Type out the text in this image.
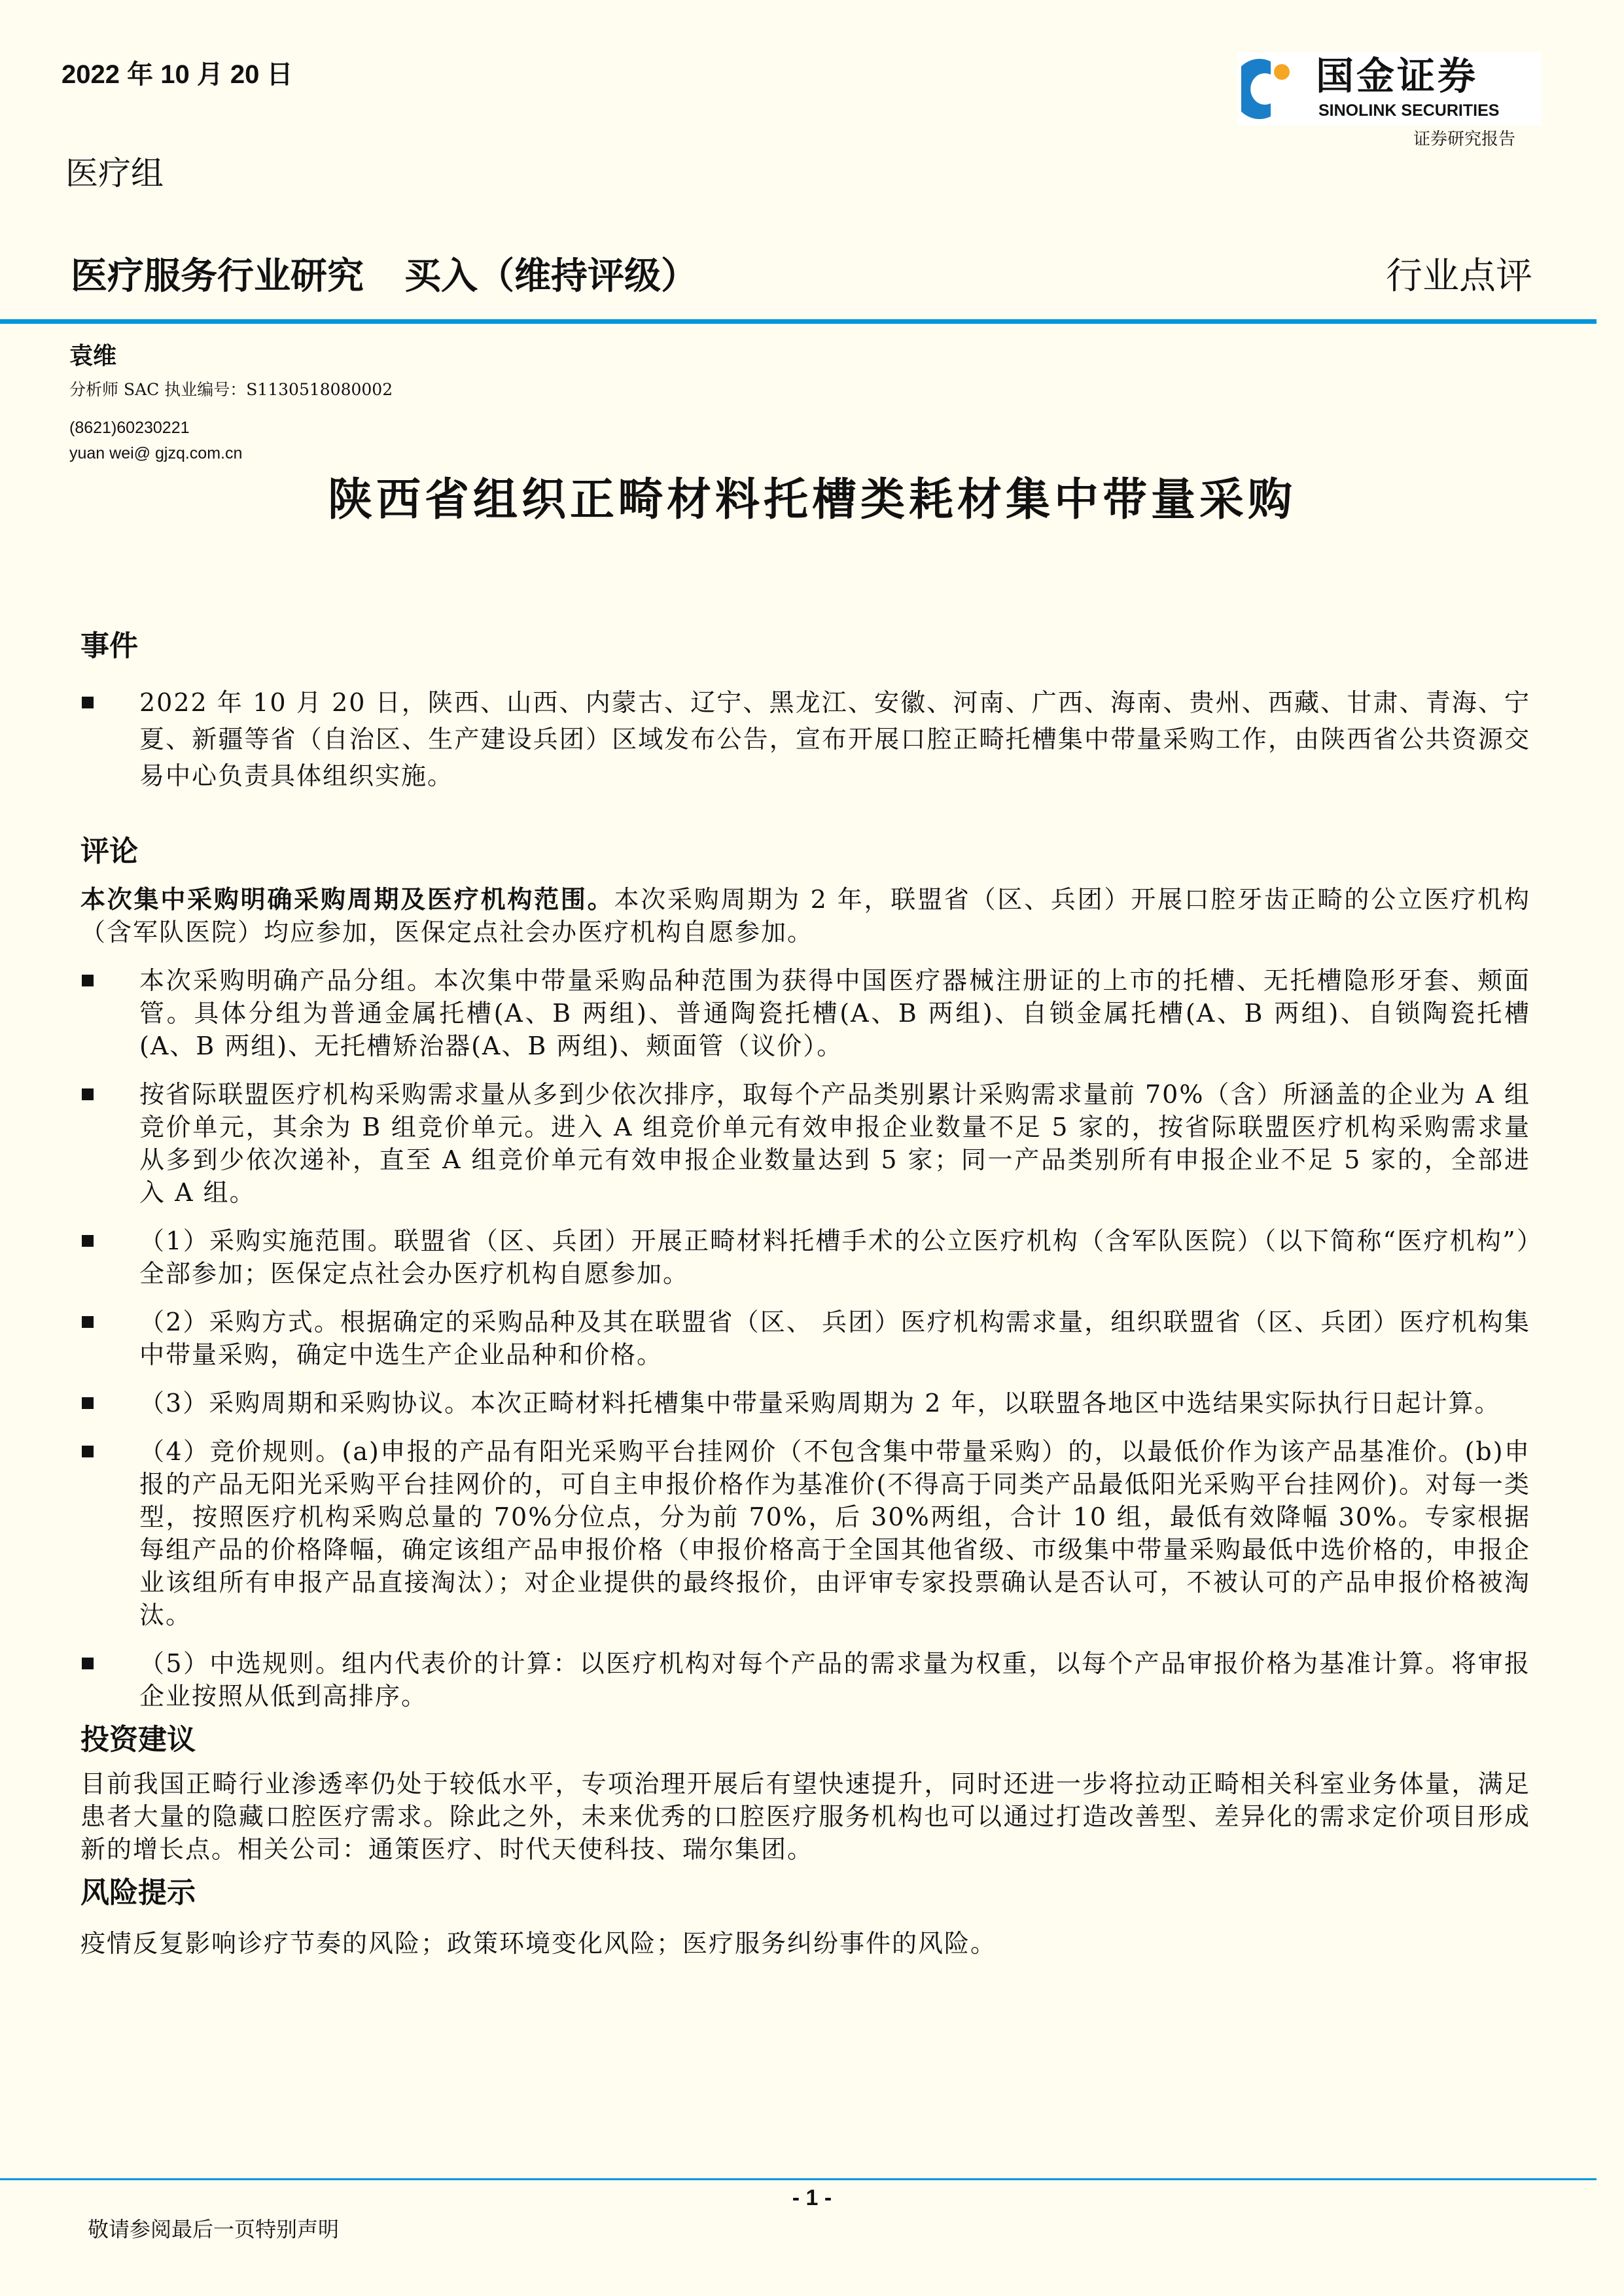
2022 年 10 月 20 日	国金证券
SINOLINK SECURITIES
证券研究报告
医疗组
医疗服务行业研究 买入（维持评级）	行业点评
袁维
分析师 SAC 执业编号：S1130518080002
(8621)60230221
yuan wei@ gjzq.com.cn
陕西省组织正畸材料托槽类耗材集中带量采购
事件
2022 年 10 月 20 日，陕西、山西、内蒙古、辽宁、黑龙江、安徽、河南、广西、海南、贵州、西藏、甘肃、青海、宁夏、新疆等省（自治区、生产建设兵团）区域发布公告，宣布开展口腔正畸托槽集中带量采购工作，由陕西省公共资源交易中心负责具体组织实施。
评论
本次集中采购明确采购周期及医疗机构范围。本次采购周期为 2 年，联盟省（区、兵团）开展口腔牙齿正畸的公立医疗机构（含军队医院）均应参加，医保定点社会办医疗机构自愿参加。
本次采购明确产品分组。本次集中带量采购品种范围为获得中国医疗器械注册证的上市的托槽、无托槽隐形牙套、颊面管。具体分组为普通金属托槽(A、B 两组)、普通陶瓷托槽(A、B 两组)、自锁金属托槽(A、B 两组)、自锁陶瓷托槽(A、B 两组)、无托槽矫治器(A、B 两组)、颊面管（议价）。
按省际联盟医疗机构采购需求量从多到少依次排序，取每个产品类别累计采购需求量前 70%（含）所涵盖的企业为 A 组竞价单元，其余为 B 组竞价单元。进入 A 组竞价单元有效申报企业数量不足 5 家的，按省际联盟医疗机构采购需求量从多到少依次递补，直至 A 组竞价单元有效申报企业数量达到 5 家；同一产品类别所有申报企业不足 5 家的，全部进入 A 组。
（1）采购实施范围。联盟省（区、兵团）开展正畸材料托槽手术的公立医疗机构（含军队医院）（以下简称“医疗机构”）全部参加；医保定点社会办医疗机构自愿参加。
（2）采购方式。根据确定的采购品种及其在联盟省（区、 兵团）医疗机构需求量，组织联盟省（区、兵团）医疗机构集中带量采购，确定中选生产企业品种和价格。
（3）采购周期和采购协议。本次正畸材料托槽集中带量采购周期为 2 年，以联盟各地区中选结果实际执行日起计算。
（4）竞价规则。(a)申报的产品有阳光采购平台挂网价（不包含集中带量采购）的，以最低价作为该产品基准价。(b)申报的产品无阳光采购平台挂网价的，可自主申报价格作为基准价(不得高于同类产品最低阳光采购平台挂网价)。对每一类型，按照医疗机构采购总量的 70%分位点，分为前 70%，后 30%两组，合计 10 组，最低有效降幅 30%。专家根据每组产品的价格降幅，确定该组产品申报价格（申报价格高于全国其他省级、市级集中带量采购最低中选价格的，申报企业该组所有申报产品直接淘汰）；对企业提供的最终报价，由评审专家投票确认是否认可，不被认可的产品申报价格被淘汰。
（5）中选规则。组内代表价的计算：以医疗机构对每个产品的需求量为权重，以每个产品审报价格为基准计算。将审报企业按照从低到高排序。
投资建议
目前我国正畸行业渗透率仍处于较低水平，专项治理开展后有望快速提升，同时还进一步将拉动正畸相关科室业务体量，满足患者大量的隐藏口腔医疗需求。除此之外，未来优秀的口腔医疗服务机构也可以通过打造改善型、差异化的需求定价项目形成新的增长点。相关公司：通策医疗、时代天使科技、瑞尔集团。
风险提示
疫情反复影响诊疗节奏的风险；政策环境变化风险；医疗服务纠纷事件的风险。
- 1 -
敬请参阅最后一页特别声明
